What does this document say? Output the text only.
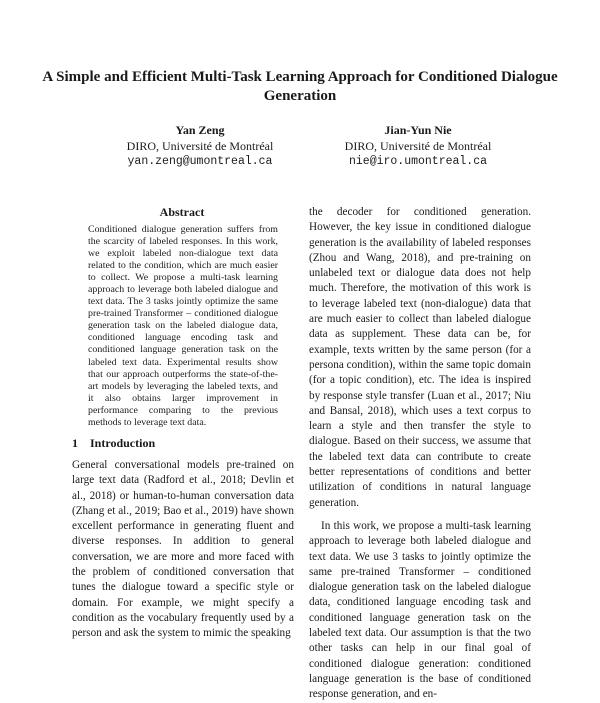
A Simple and Efficient Multi-Task Learning Approach for Conditioned Dialogue Generation
Yan Zeng
DIRO, Université de Montréal
yan.zeng@umontreal.ca
Jian-Yun Nie
DIRO, Université de Montréal
nie@iro.umontreal.ca
Abstract
Conditioned dialogue generation suffers from the scarcity of labeled responses. In this work, we exploit labeled non-dialogue text data related to the condition, which are much easier to collect. We propose a multi-task learning approach to leverage both labeled dialogue and text data. The 3 tasks jointly optimize the same pre-trained Transformer – conditioned dialogue generation task on the labeled dialogue data, conditioned language encoding task and conditioned language generation task on the labeled text data. Experimental results show that our approach outperforms the state-of-the-art models by leveraging the labeled texts, and it also obtains larger improvement in performance comparing to the previous methods to leverage text data.
1 Introduction

General conversational models pre-trained on large text data (Radford et al., 2018; Devlin et al., 2018) or human-to-human conversation data (Zhang et al., 2019; Bao et al., 2019) have shown excellent performance in generating fluent and diverse responses. In addition to general conversation, we are more and more faced with the problem of conditioned conversation that tunes the dialogue toward a specific style or domain. For example, we might specify a condition as the vocabulary frequently used by a person and ask the system to mimic the speaking

the decoder for conditioned generation. However, the key issue in conditioned dialogue generation is the availability of labeled responses (Zhou and Wang, 2018), and pre-training on unlabeled text or dialogue data does not help much. Therefore, the motivation of this work is to leverage labeled text (non-dialogue) data that are much easier to collect than labeled dialogue data as supplement. These data can be, for example, texts written by the same person (for a persona condition), within the same topic domain (for a topic condition), etc. The idea is inspired by response style transfer (Luan et al., 2017; Niu and Bansal, 2018), which uses a text corpus to learn a style and then transfer the style to dialogue. Based on their success, we assume that the labeled text data can contribute to create better representations of conditions and better utilization of conditions in natural language generation.

In this work, we propose a multi-task learning approach to leverage both labeled dialogue and text data. We use 3 tasks to jointly optimize the same pre-trained Transformer – conditioned dialogue generation task on the labeled dialogue data, conditioned language encoding task and conditioned language generation task on the labeled text data. Our assumption is that the two other tasks can help in our final goal of conditioned dialogue generation: conditioned language generation is the base of conditioned response generation, and en-
